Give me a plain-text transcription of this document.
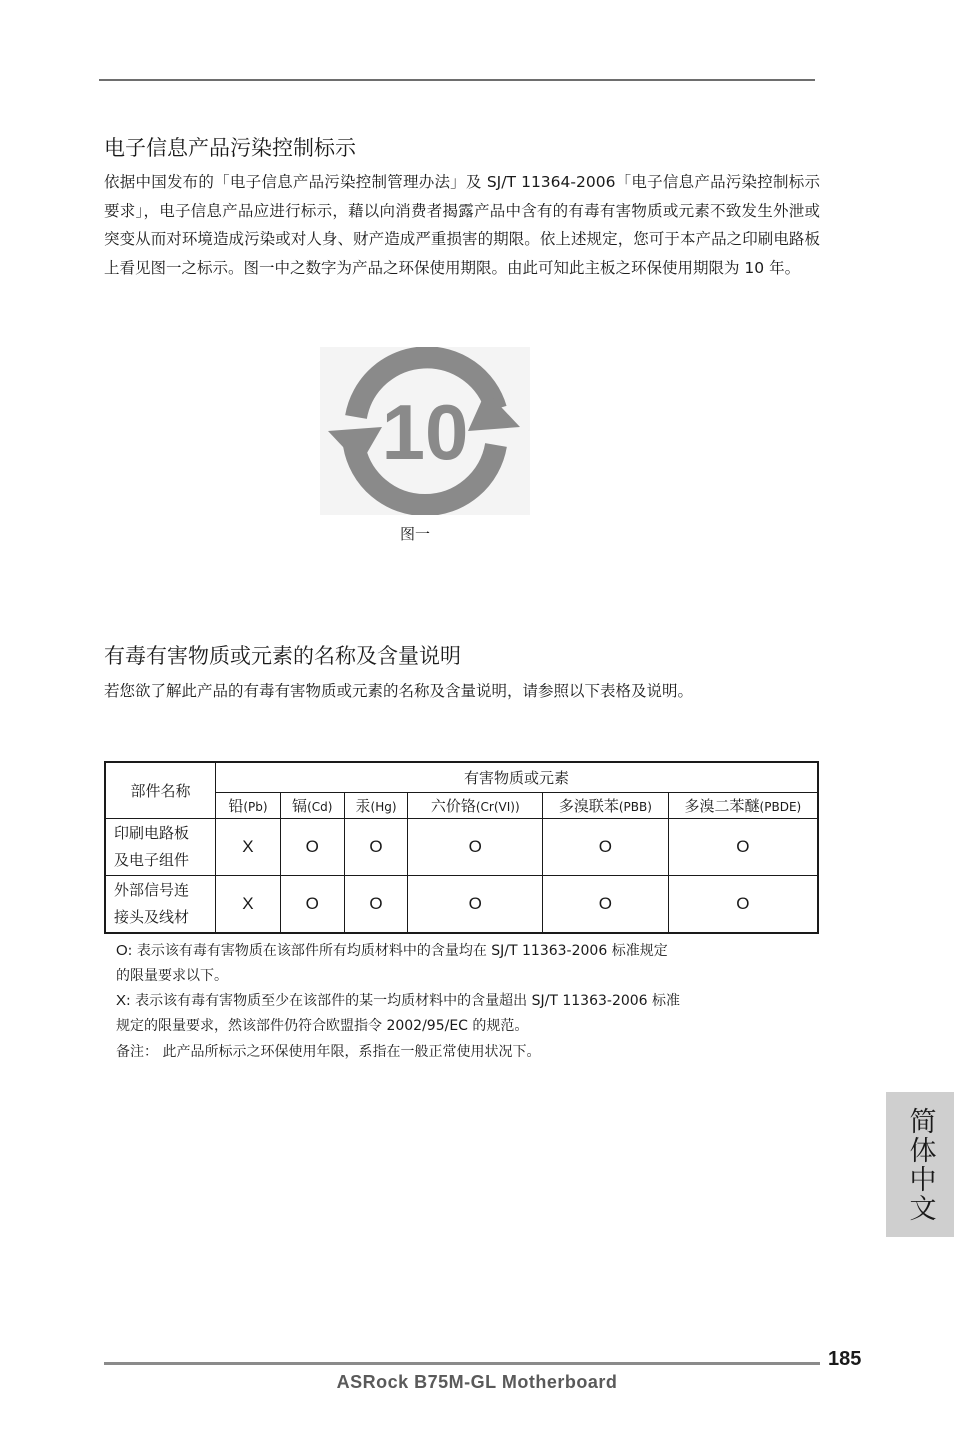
电子信息产品污染控制标示

依据中国发布的「电子信息产品污染控制管理办法」及 SJ/T 11364-2006「电子信息产品污染控制标示要求」，电子信息产品应进行标示，藉以向消费者揭露产品中含有的有毒有害物质或元素不致发生外泄或突变从而对环境造成污染或对人身、财产造成严重损害的期限。依上述规定，您可于本产品之印刷电路板上看见图一之标示。图一中之数字为产品之环保使用期限。由此可知此主板之环保使用期限为 10 年。

10
图一
有毒有害物质或元素的名称及含量说明

若您欲了解此产品的有毒有害物质或元素的名称及含量说明，请参照以下表格及说明。

部件名称	有害物质或元素					
	铅(Pb)	镉(Cd)	汞(Hg)	六价铬(Cr(VI))	多溴联苯(PBB)	多溴二苯醚(PBDE)
印刷电路板
及电子组件	X	O	O	O	O	O
外部信号连
接头及线材	X	O	O	O	O	O
O: 表示该有毒有害物质在该部件所有均质材料中的含量均在 SJ/T 11363-2006 标准规定
的限量要求以下。
X: 表示该有毒有害物质至少在该部件的某一均质材料中的含量超出 SJ/T 11363-2006 标准
规定的限量要求，然该部件仍符合欧盟指令 2002/95/EC 的规范。
备注： 此产品所标示之环保使用年限，系指在一般正常使用状况下。
简体中文
185
ASRock B75M-GL Motherboard
